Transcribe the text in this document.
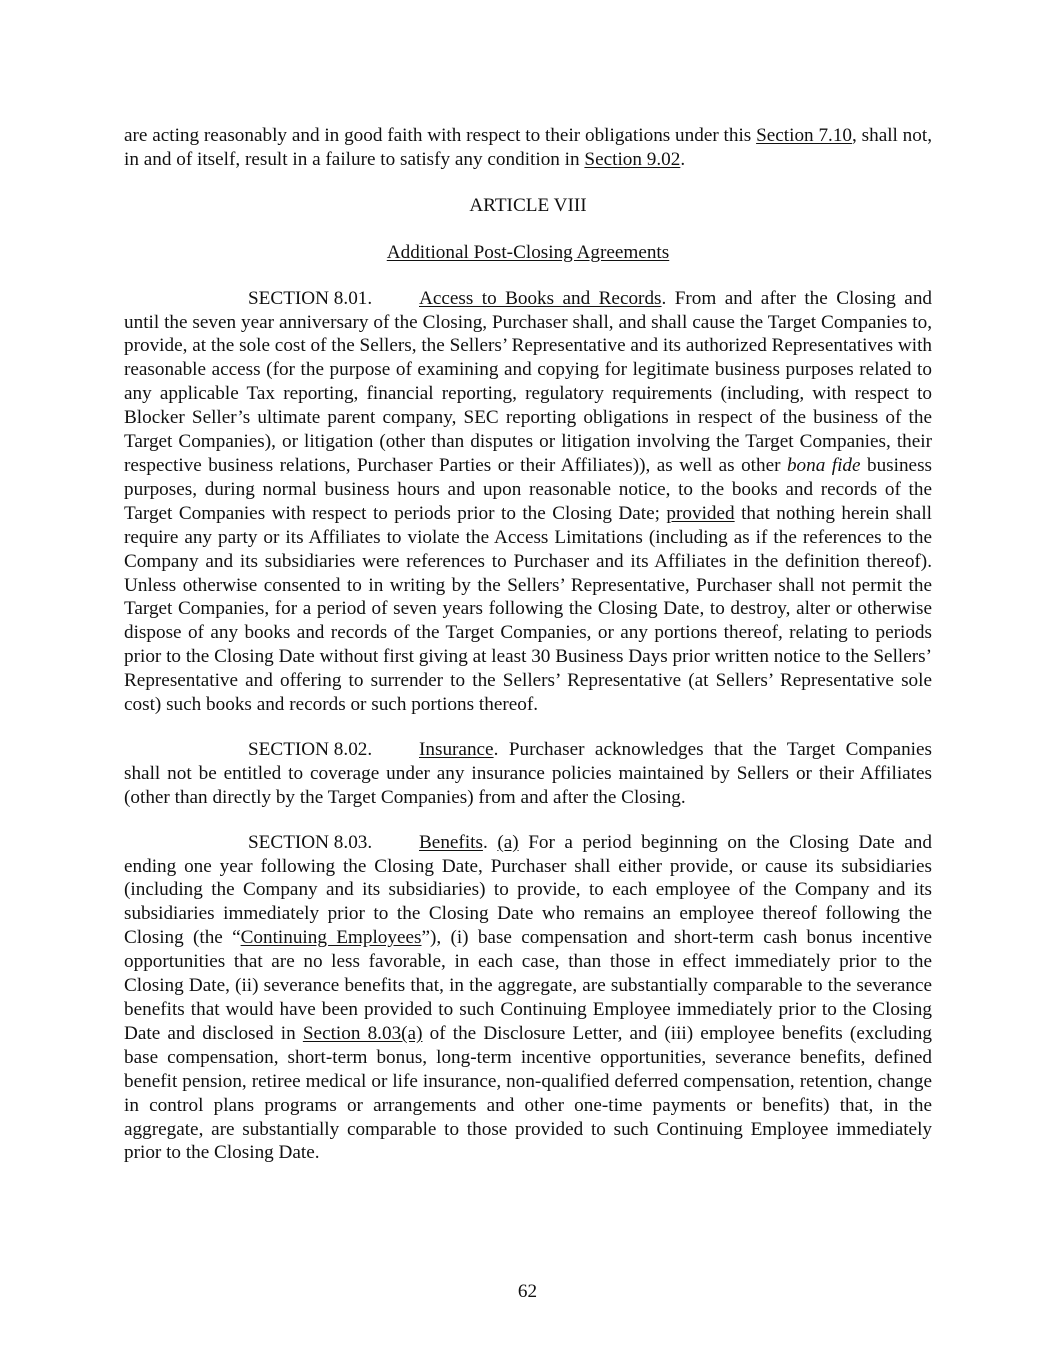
are acting reasonably and in good faith with respect to their obligations under this Section 7.10, shall not, in and of itself, result in a failure to satisfy any condition in Section 9.02.

ARTICLE VIII

Additional Post-Closing Agreements

SECTION 8.01. Access to Books and Records. From and after the Closing and until the seven year anniversary of the Closing, Purchaser shall, and shall cause the Target Companies to, provide, at the sole cost of the Sellers, the Sellers’ Representative and its authorized Representatives with reasonable access (for the purpose of examining and copying for legitimate business purposes related to any applicable Tax reporting, financial reporting, regulatory requirements (including, with respect to Blocker Seller’s ultimate parent company, SEC reporting obligations in respect of the business of the Target Companies), or litigation (other than disputes or litigation involving the Target Companies, their respective business relations, Purchaser Parties or their Affiliates)), as well as other bona fide business purposes, during normal business hours and upon reasonable notice, to the books and records of the Target Companies with respect to periods prior to the Closing Date; provided that nothing herein shall require any party or its Affiliates to violate the Access Limitations (including as if the references to the Company and its subsidiaries were references to Purchaser and its Affiliates in the definition thereof). Unless otherwise consented to in writing by the Sellers’ Representative, Purchaser shall not permit the Target Companies, for a period of seven years following the Closing Date, to destroy, alter or otherwise dispose of any books and records of the Target Companies, or any portions thereof, relating to periods prior to the Closing Date without first giving at least 30 Business Days prior written notice to the Sellers’ Representative and offering to surrender to the Sellers’ Representative (at Sellers’ Representative sole cost) such books and records or such portions thereof.

SECTION 8.02. Insurance. Purchaser acknowledges that the Target Companies shall not be entitled to coverage under any insurance policies maintained by Sellers or their Affiliates (other than directly by the Target Companies) from and after the Closing.

SECTION 8.03. Benefits. (a) For a period beginning on the Closing Date and ending one year following the Closing Date, Purchaser shall either provide, or cause its subsidiaries (including the Company and its subsidiaries) to provide, to each employee of the Company and its subsidiaries immediately prior to the Closing Date who remains an employee thereof following the Closing (the “Continuing Employees”), (i) base compensation and short-term cash bonus incentive opportunities that are no less favorable, in each case, than those in effect immediately prior to the Closing Date, (ii) severance benefits that, in the aggregate, are substantially comparable to the severance benefits that would have been provided to such Continuing Employee immediately prior to the Closing Date and disclosed in Section 8.03(a) of the Disclosure Letter, and (iii) employee benefits (excluding base compensation, short-term bonus, long-term incentive opportunities, severance benefits, defined benefit pension, retiree medical or life insurance, non-qualified deferred compensation, retention, change in control plans programs or arrangements and other one-time payments or benefits) that, in the aggregate, are substantially comparable to those provided to such Continuing Employee immediately prior to the Closing Date.

62
